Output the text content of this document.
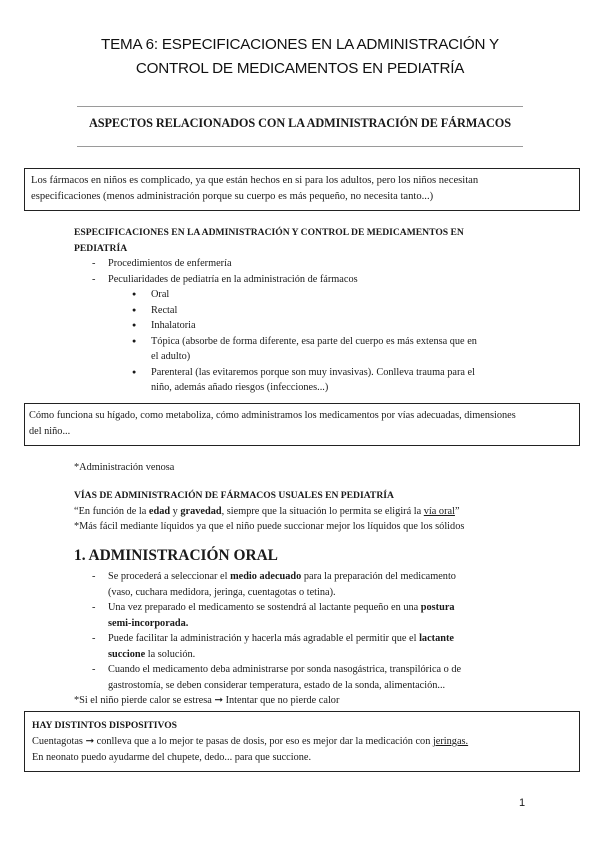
TEMA 6: ESPECIFICACIONES EN LA ADMINISTRACIÓN Y
CONTROL DE MEDICAMENTOS EN PEDIATRÍA
ASPECTOS RELACIONADOS CON LA ADMINISTRACIÓN DE FÁRMACOS

Los fármacos en niños es complicado, ya que están hechos en si para los adultos, pero los niños necesitan

especificaciones (menos administración porque su cuerpo es más pequeño, no necesita tanto...)

ESPECIFICACIONES EN LA ADMINISTRACIÓN Y CONTROL DE MEDICAMENTOS EN

PEDIATRÍA

- Procedimientos de enfermería

- Peculiaridades de pediatría en la administración de fármacos

● Oral

● Rectal

● Inhalatoria

● Tópica (absorbe de forma diferente, esa parte del cuerpo es más extensa que en

el adulto)

● Parenteral (las evitaremos porque son muy invasivas). Conlleva trauma para el

niño, además añado riesgos (infecciones...)

Cómo funciona su hígado, como metaboliza, cómo administramos los medicamentos por vías adecuadas, dimensiones

del niño...

*Administración venosa

VÍAS DE ADMINISTRACIÓN DE FÁRMACOS USUALES EN PEDIATRÍA

“En función de la edad y gravedad, siempre que la situación lo permita se eligirá la vía oral”

*Más fácil mediante líquidos ya que el niño puede succionar mejor los líquidos que los sólidos

1. ADMINISTRACIÓN ORAL

- Se procederá a seleccionar el medio adecuado para la preparación del medicamento

(vaso, cuchara medidora, jeringa, cuentagotas o tetina).

- Una vez preparado el medicamento se sostendrá al lactante pequeño en una postura

semi-incorporada.

- Puede facilitar la administración y hacerla más agradable el permitir que el lactante

succione la solución.

- Cuando el medicamento deba administrarse por sonda nasogástrica, transpilórica o de

gastrostomía, se deben considerar temperatura, estado de la sonda, alimentación...

*Si el niño pierde calor se estresa ➞ Intentar que no pierde calor

HAY DISTINTOS DISPOSITIVOS

Cuentagotas ➞ conlleva que a lo mejor te pasas de dosis, por eso es mejor dar la medicación con jeringas.

En neonato puedo ayudarme del chupete, dedo... para que succione.

1
